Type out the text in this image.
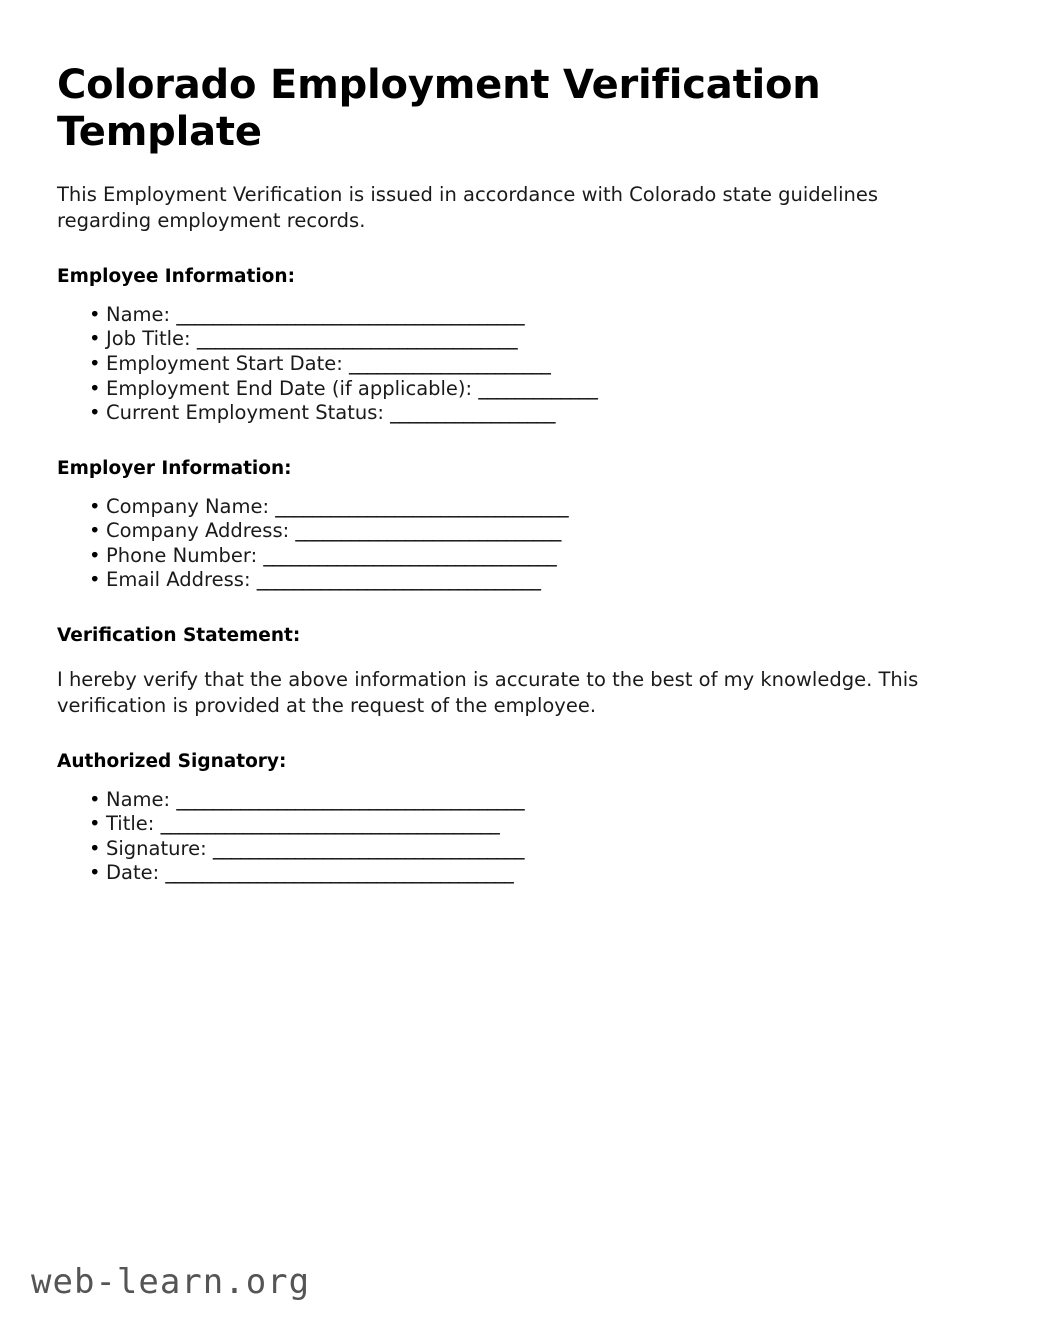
Colorado Employment Verification
Template

This Employment Verification is issued in accordance with Colorado state guidelines regarding employment records.

Employee Information:
• Name: ______________________________________
• Job Title: ___________________________________
• Employment Start Date: ______________________
• Employment End Date (if applicable): _____________
• Current Employment Status: __________________
Employer Information:
• Company Name: ________________________________
• Company Address: _____________________________
• Phone Number: ________________________________
• Email Address: _______________________________
Verification Statement:

I hereby verify that the above information is accurate to the best of my knowledge. This verification is provided at the request of the employee.

Authorized Signatory:
• Name: ______________________________________
• Title: _____________________________________
• Signature: __________________________________
• Date: ______________________________________
web-learn.org
